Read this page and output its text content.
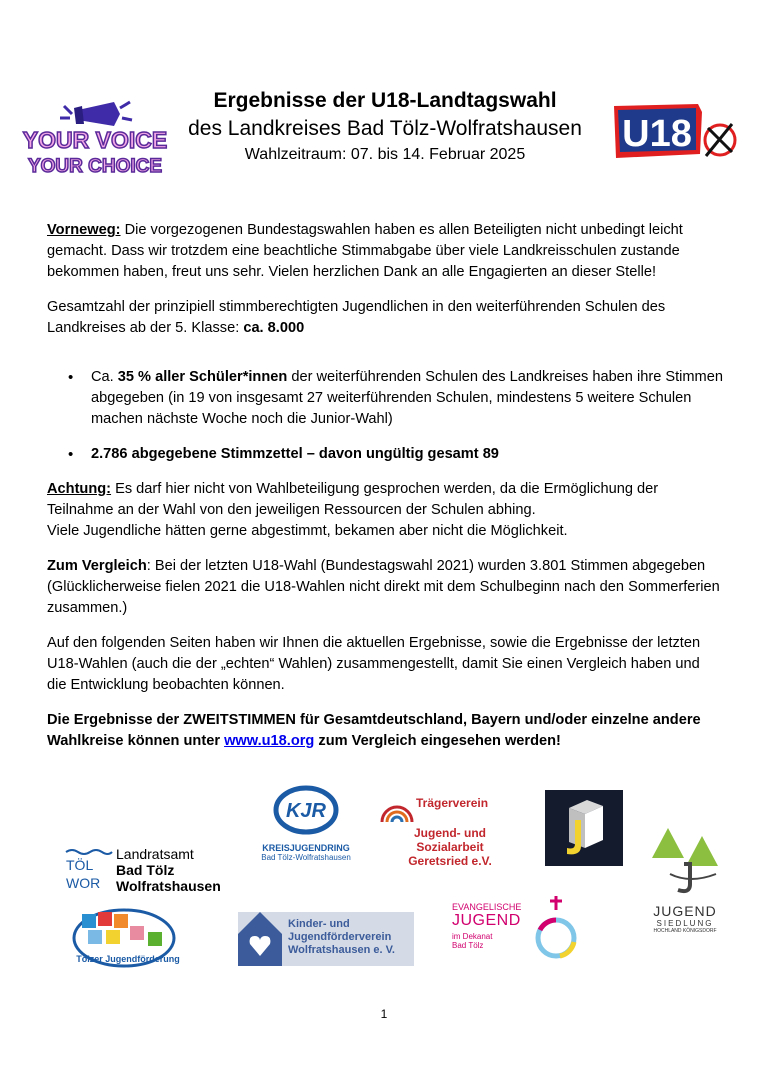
YOUR VOICE
YOUR CHOICE
Ergebnisse der U18-Landtagswahl
des Landkreises Bad Tölz-Wolfratshausen
Wahlzeitraum: 07. bis 14. Februar 2025	U18

Vorneweg: Die vorgezogenen Bundestagswahlen haben es allen Beteiligten nicht unbedingt leicht gemacht. Dass wir trotzdem eine beachtliche Stimmabgabe über viele Landkreisschulen zustande bekommen haben, freut uns sehr. Vielen herzlichen Dank an alle Engagierten an dieser Stelle!

Gesamtzahl der prinzipiell stimmberechtigten Jugendlichen in den weiterführenden Schulen des Landkreises ab der 5. Klasse: ca. 8.000

• Ca. 35 % aller Schüler*innen der weiterführenden Schulen des Landkreises haben ihre Stimmen abgegeben (in 19 von insgesamt 27 weiterführenden Schulen, mindestens 5 weitere Schulen machen nächste Woche noch die Junior-Wahl)
• 2.786 abgegebene Stimmzettel – davon ungültig gesamt 89

Achtung: Es darf hier nicht von Wahlbeteiligung gesprochen werden, da die Ermöglichung der Teilnahme an der Wahl von den jeweiligen Ressourcen der Schulen abhing.
Viele Jugendliche hätten gerne abgestimmt, bekamen aber nicht die Möglichkeit.

Zum Vergleich: Bei der letzten U18-Wahl (Bundestagswahl 2021) wurden 3.801 Stimmen abgegeben (Glücklicherweise fielen 2021 die U18-Wahlen nicht direkt mit dem Schulbeginn nach den Sommerferien zusammen.)

Auf den folgenden Seiten haben wir Ihnen die aktuellen Ergebnisse, sowie die Ergebnisse der letzten U18-Wahlen (auch die der „echten“ Wahlen) zusammengestellt, damit Sie einen Vergleich haben und die Entwicklung beobachten können.

Die Ergebnisse der ZWEITSTIMMEN für Gesamtdeutschland, Bayern und/oder einzelne andere Wahlkreise können unter www.u18.org zum Vergleich eingesehen werden!

TÖL
WOR
Landratsamt
Bad Tölz
Wolfratshausen
KJR
KREISJUGENDRING
Bad Tölz-Wolfratshausen
Trägerverein
Jugend- und Sozialarbeit
Geretsried e.V.
JUGEND
SIEDLUNG
HOCHLAND KÖNIGSDORF
Tölzer Jugendförderung
Kinder- und
Jugendförderverein
Wolfratshausen e. V.
EVANGELISCHE
JUGEND
im Dekanat
Bad Tölz
1
